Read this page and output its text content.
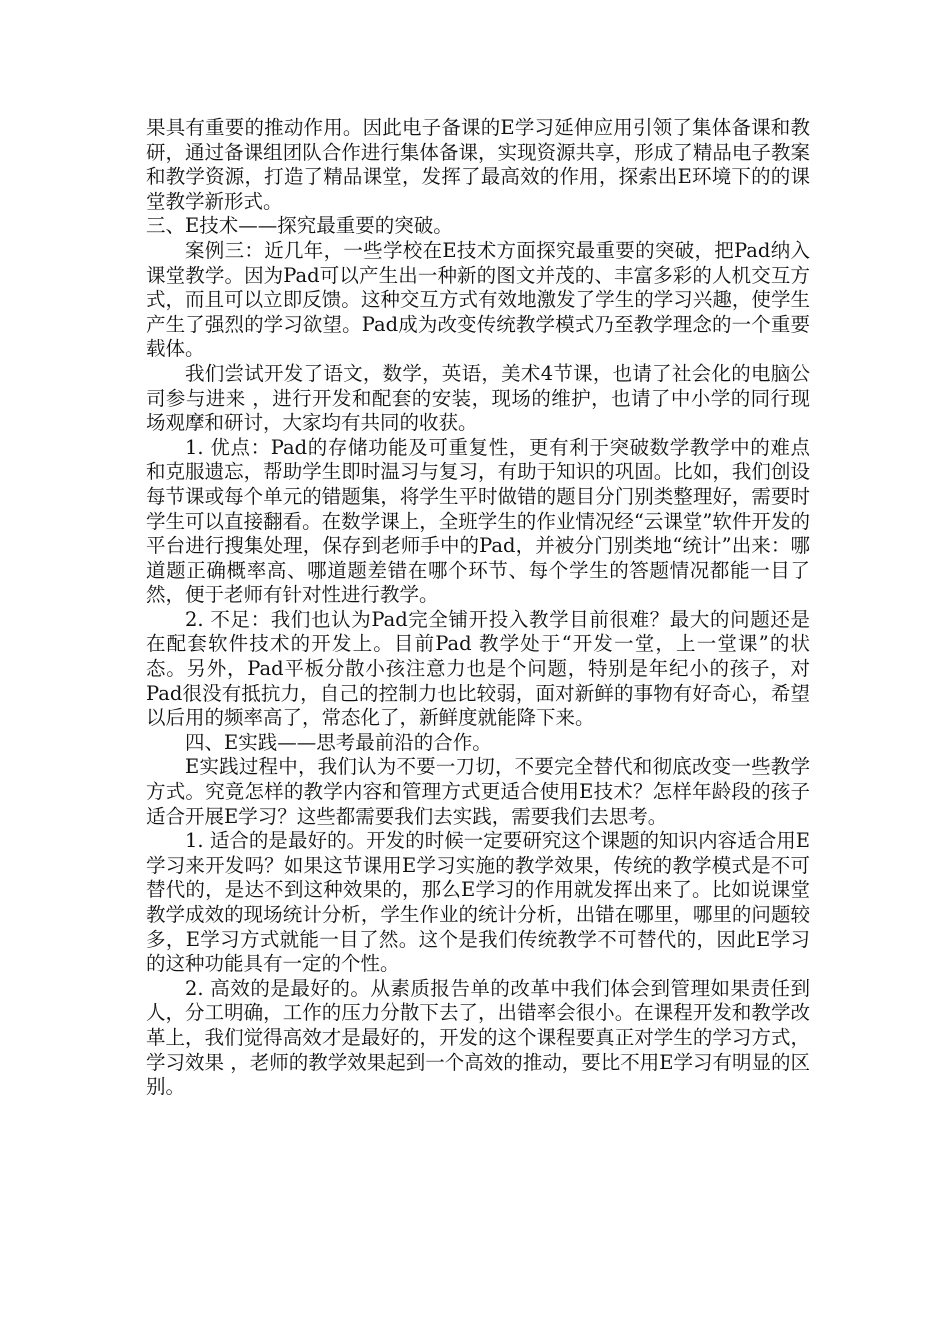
果具有重要的推动作用。因此电子备课的E学习延伸应用引领了集体备课和教研，通过备课组团队合作进行集体备课，实现资源共享，形成了精品电子教案和教学资源，打造了精品课堂，发挥了最高效的作用，探索出E环境下的的课堂教学新形式。

三、E技术——探究最重要的突破。

案例三：近几年，一些学校在E技术方面探究最重要的突破，把Pad纳入课堂教学。因为Pad可以产生出一种新的图文并茂的、丰富多彩的人机交互方式，而且可以立即反馈。这种交互方式有效地激发了学生的学习兴趣，使学生产生了强烈的学习欲望。Pad成为改变传统教学模式乃至教学理念的一个重要载体。

我们尝试开发了语文，数学，英语，美术4节课，也请了社会化的电脑公司参与进来 ，进行开发和配套的安装，现场的维护，也请了中小学的同行现场观摩和研讨，大家均有共同的收获。

1. 优点：Pad的存储功能及可重复性，更有利于突破数学教学中的难点和克服遗忘，帮助学生即时温习与复习，有助于知识的巩固。比如，我们创设每节课或每个单元的错题集，将学生平时做错的题目分门别类整理好，需要时学生可以直接翻看。在数学课上，全班学生的作业情况经“云课堂”软件开发的平台进行搜集处理，保存到老师手中的Pad，并被分门别类地“统计”出来：哪道题正确概率高、哪道题差错在哪个环节、每个学生的答题情况都能一目了然，便于老师有针对性进行教学。

2. 不足：我们也认为Pad完全铺开投入教学目前很难？最大的问题还是在配套软件技术的开发上。目前Pad 教学处于“开发一堂，上一堂课”的状态。另外，Pad平板分散小孩注意力也是个问题，特别是年纪小的孩子，对Pad很没有抵抗力，自己的控制力也比较弱，面对新鲜的事物有好奇心，希望以后用的频率高了，常态化了，新鲜度就能降下来。

四、E实践——思考最前沿的合作。

E实践过程中，我们认为不要一刀切，不要完全替代和彻底改变一些教学方式。究竟怎样的教学内容和管理方式更适合使用E技术？怎样年龄段的孩子适合开展E学习？这些都需要我们去实践，需要我们去思考。

1. 适合的是最好的。开发的时候一定要研究这个课题的知识内容适合用E学习来开发吗？如果这节课用E学习实施的教学效果，传统的教学模式是不可替代的，是达不到这种效果的，那么E学习的作用就发挥出来了。比如说课堂教学成效的现场统计分析，学生作业的统计分析，出错在哪里，哪里的问题较多，E学习方式就能一目了然。这个是我们传统教学不可替代的，因此E学习的这种功能具有一定的个性。

2. 高效的是最好的。从素质报告单的改革中我们体会到管理如果责任到人，分工明确，工作的压力分散下去了，出错率会很小。在课程开发和教学改革上，我们觉得高效才是最好的，开发的这个课程要真正对学生的学习方式，学习效果 ，老师的教学效果起到一个高效的推动，要比不用E学习有明显的区别。
